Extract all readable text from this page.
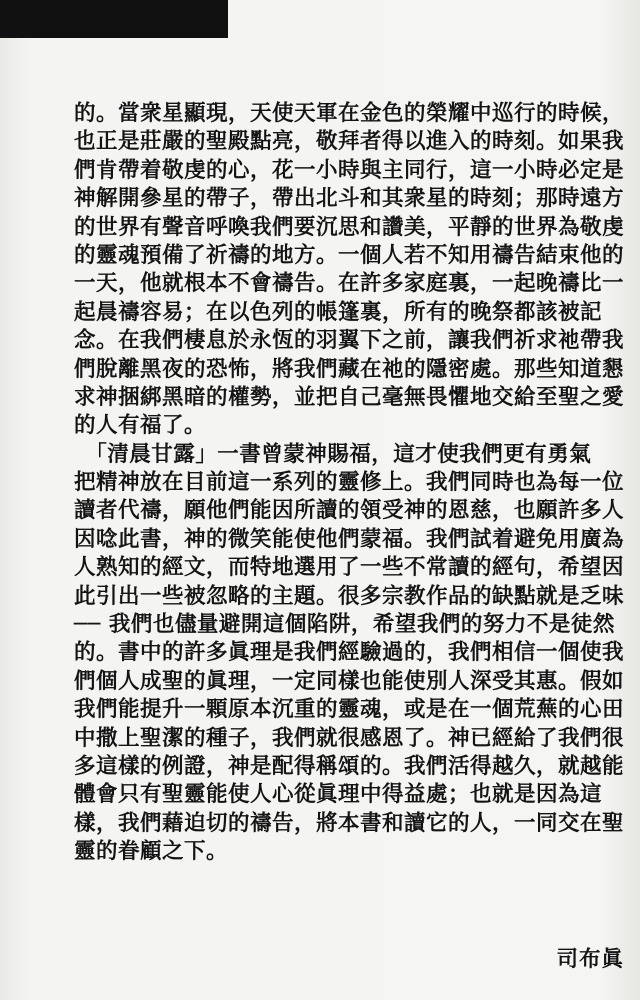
的。當衆星顯現，天使天軍在金色的榮耀中巡行的時候，
也正是莊嚴的聖殿點亮，敬拜者得以進入的時刻。如果我
們肯帶着敬虔的心，花一小時與主同行，這一小時必定是
神解開參星的帶子，帶出北斗和其衆星的時刻；那時遠方
的世界有聲音呼喚我們要沉思和讚美，平靜的世界為敬虔
的靈魂預備了祈禱的地方。一個人若不知用禱告結束他的
一天，他就根本不會禱告。在許多家庭裏，一起晚禱比一
起晨禱容易；在以色列的帳篷裏，所有的晚祭都該被記
念。在我們棲息於永恆的羽翼下之前，讓我們祈求祂帶我
們脫離黑夜的恐怖，將我們藏在祂的隱密處。那些知道懇
求神捆綁黑暗的權勢，並把自己毫無畏懼地交給至聖之愛
的人有福了。
　「清晨甘露」一書曾蒙神賜福，這才使我們更有勇氣
把精神放在目前這一系列的靈修上。我們同時也為每一位
讀者代禱，願他們能因所讀的領受神的恩慈，也願許多人
因唸此書，神的微笑能使他們蒙福。我們試着避免用廣為
人熟知的經文，而特地選用了一些不常讀的經句，希望因
此引出一些被忽略的主題。很多宗教作品的缺點就是乏味
── 我們也儘量避開這個陷阱，希望我們的努力不是徒然
的。書中的許多眞理是我們經驗過的，我們相信一個使我
們個人成聖的眞理，一定同樣也能使別人深受其惠。假如
我們能提升一顆原本沉重的靈魂，或是在一個荒蕪的心田
中撒上聖潔的種子，我們就很感恩了。神已經給了我們很
多這樣的例證，神是配得稱頌的。我們活得越久，就越能
體會只有聖靈能使人心從眞理中得益處；也就是因為這
樣，我們藉迫切的禱告，將本書和讀它的人，一同交在聖
靈的眷顧之下。
司布眞
